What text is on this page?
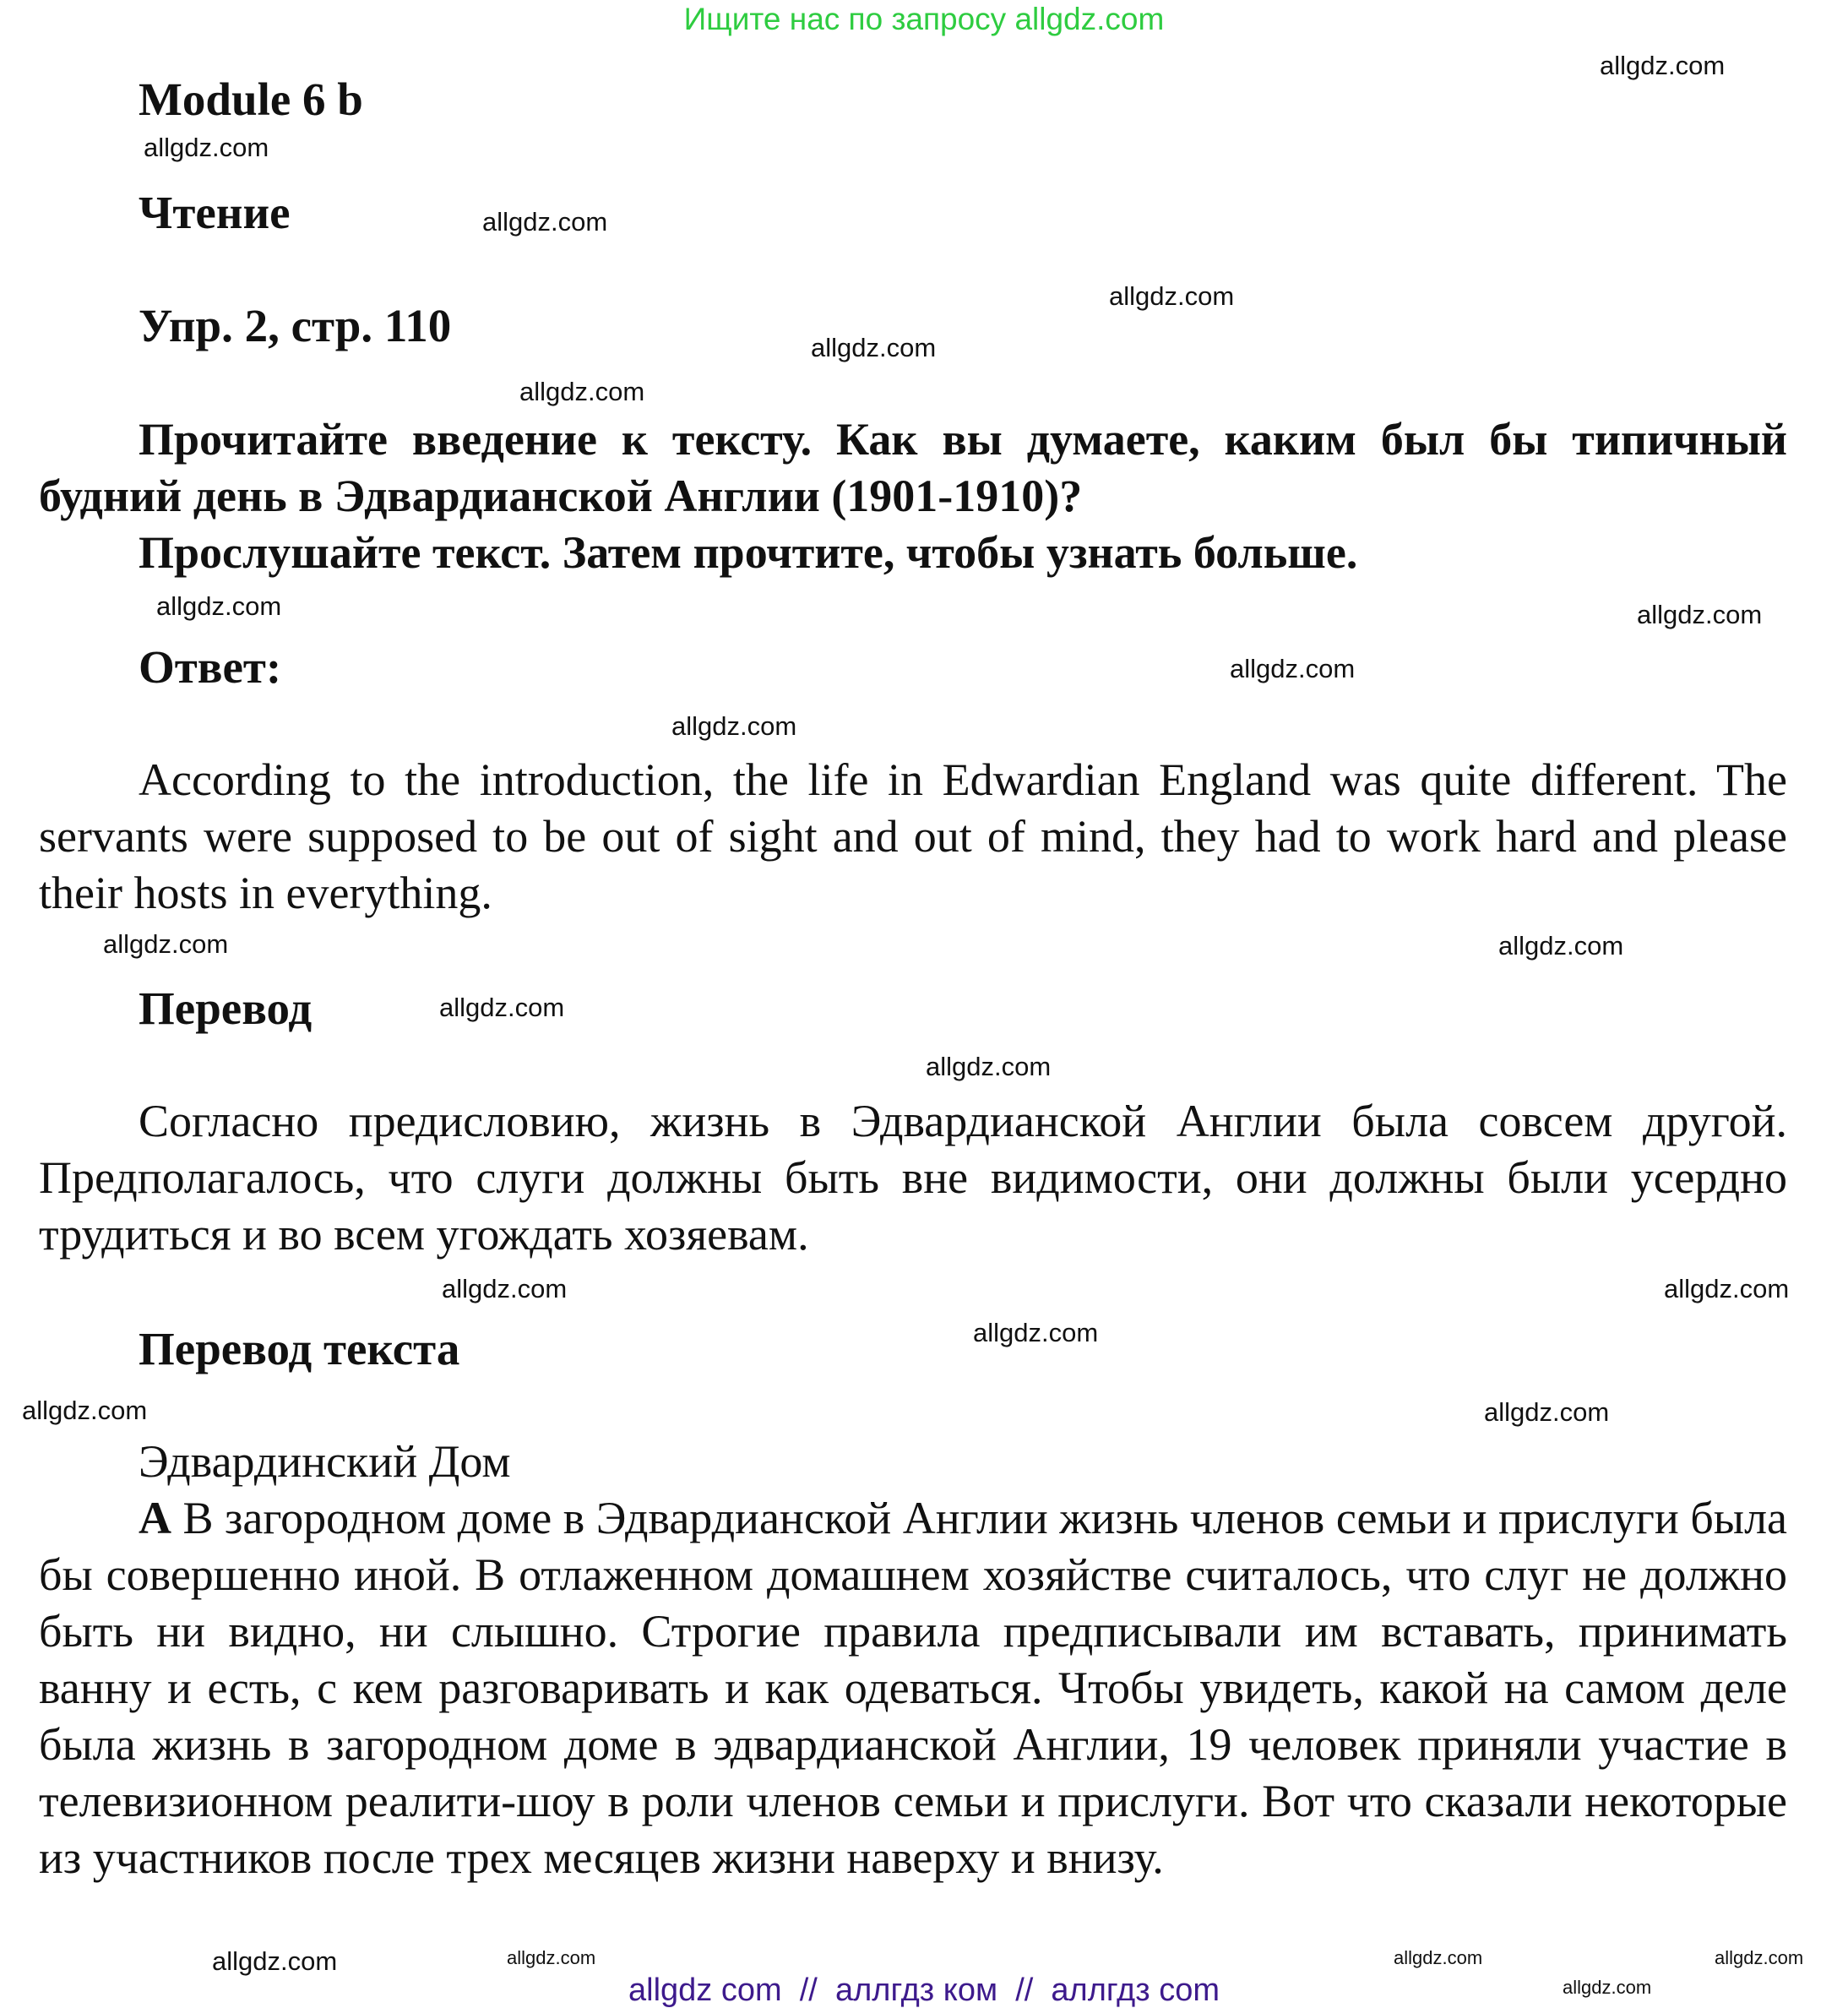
Ищите нас по запросу allgdz.com
Module 6 b
Чтение
Упр. 2, стр. 110

Прочитайте введение к тексту. Как вы думаете, каким был бы типичный будний день в Эдвардианской Англии (1901-1910)?

Прослушайте текст. Затем прочтите, чтобы узнать больше.

Ответ:

According to the introduction, the life in Edwardian England was quite different. The servants were supposed to be out of sight and out of mind, they had to work hard and please their hosts in everything.

Перевод

Согласно предисловию, жизнь в Эдвардианской Англии была совсем другой. Предполагалось, что слуги должны быть вне видимости, они должны были усердно трудиться и во всем угождать хозяевам.

Перевод текста

Эдвардинский Дом

A В загородном доме в Эдвардианской Англии жизнь членов семьи и прислуги была бы совершенно иной. В отлаженном домашнем хозяйстве считалось, что слуг не должно быть ни видно, ни слышно. Строгие правила предписывали им вставать, принимать ванну и есть, с кем разговаривать и как одеваться. Чтобы увидеть, какой на самом деле была жизнь в загородном доме в эдвардианской Англии, 19 человек приняли участие в телевизионном реалити-шоу в роли членов семьи и прислуги. Вот что сказали некоторые из участников после трех месяцев жизни наверху и внизу.

allgdz.com
allgdz.com
allgdz.com
allgdz.com
allgdz.com
allgdz.com
allgdz.com
allgdz.com
allgdz.com
allgdz.com
allgdz.com
allgdz.com
allgdz.com
allgdz.com
allgdz.com
allgdz.com
allgdz.com
allgdz.com	allgdz.com
allgdz.com	allgdz.com
allgdz.com
allgdz.com
allgdz.com
allgdz com  //  аллгдз ком  //  аллгдз com
